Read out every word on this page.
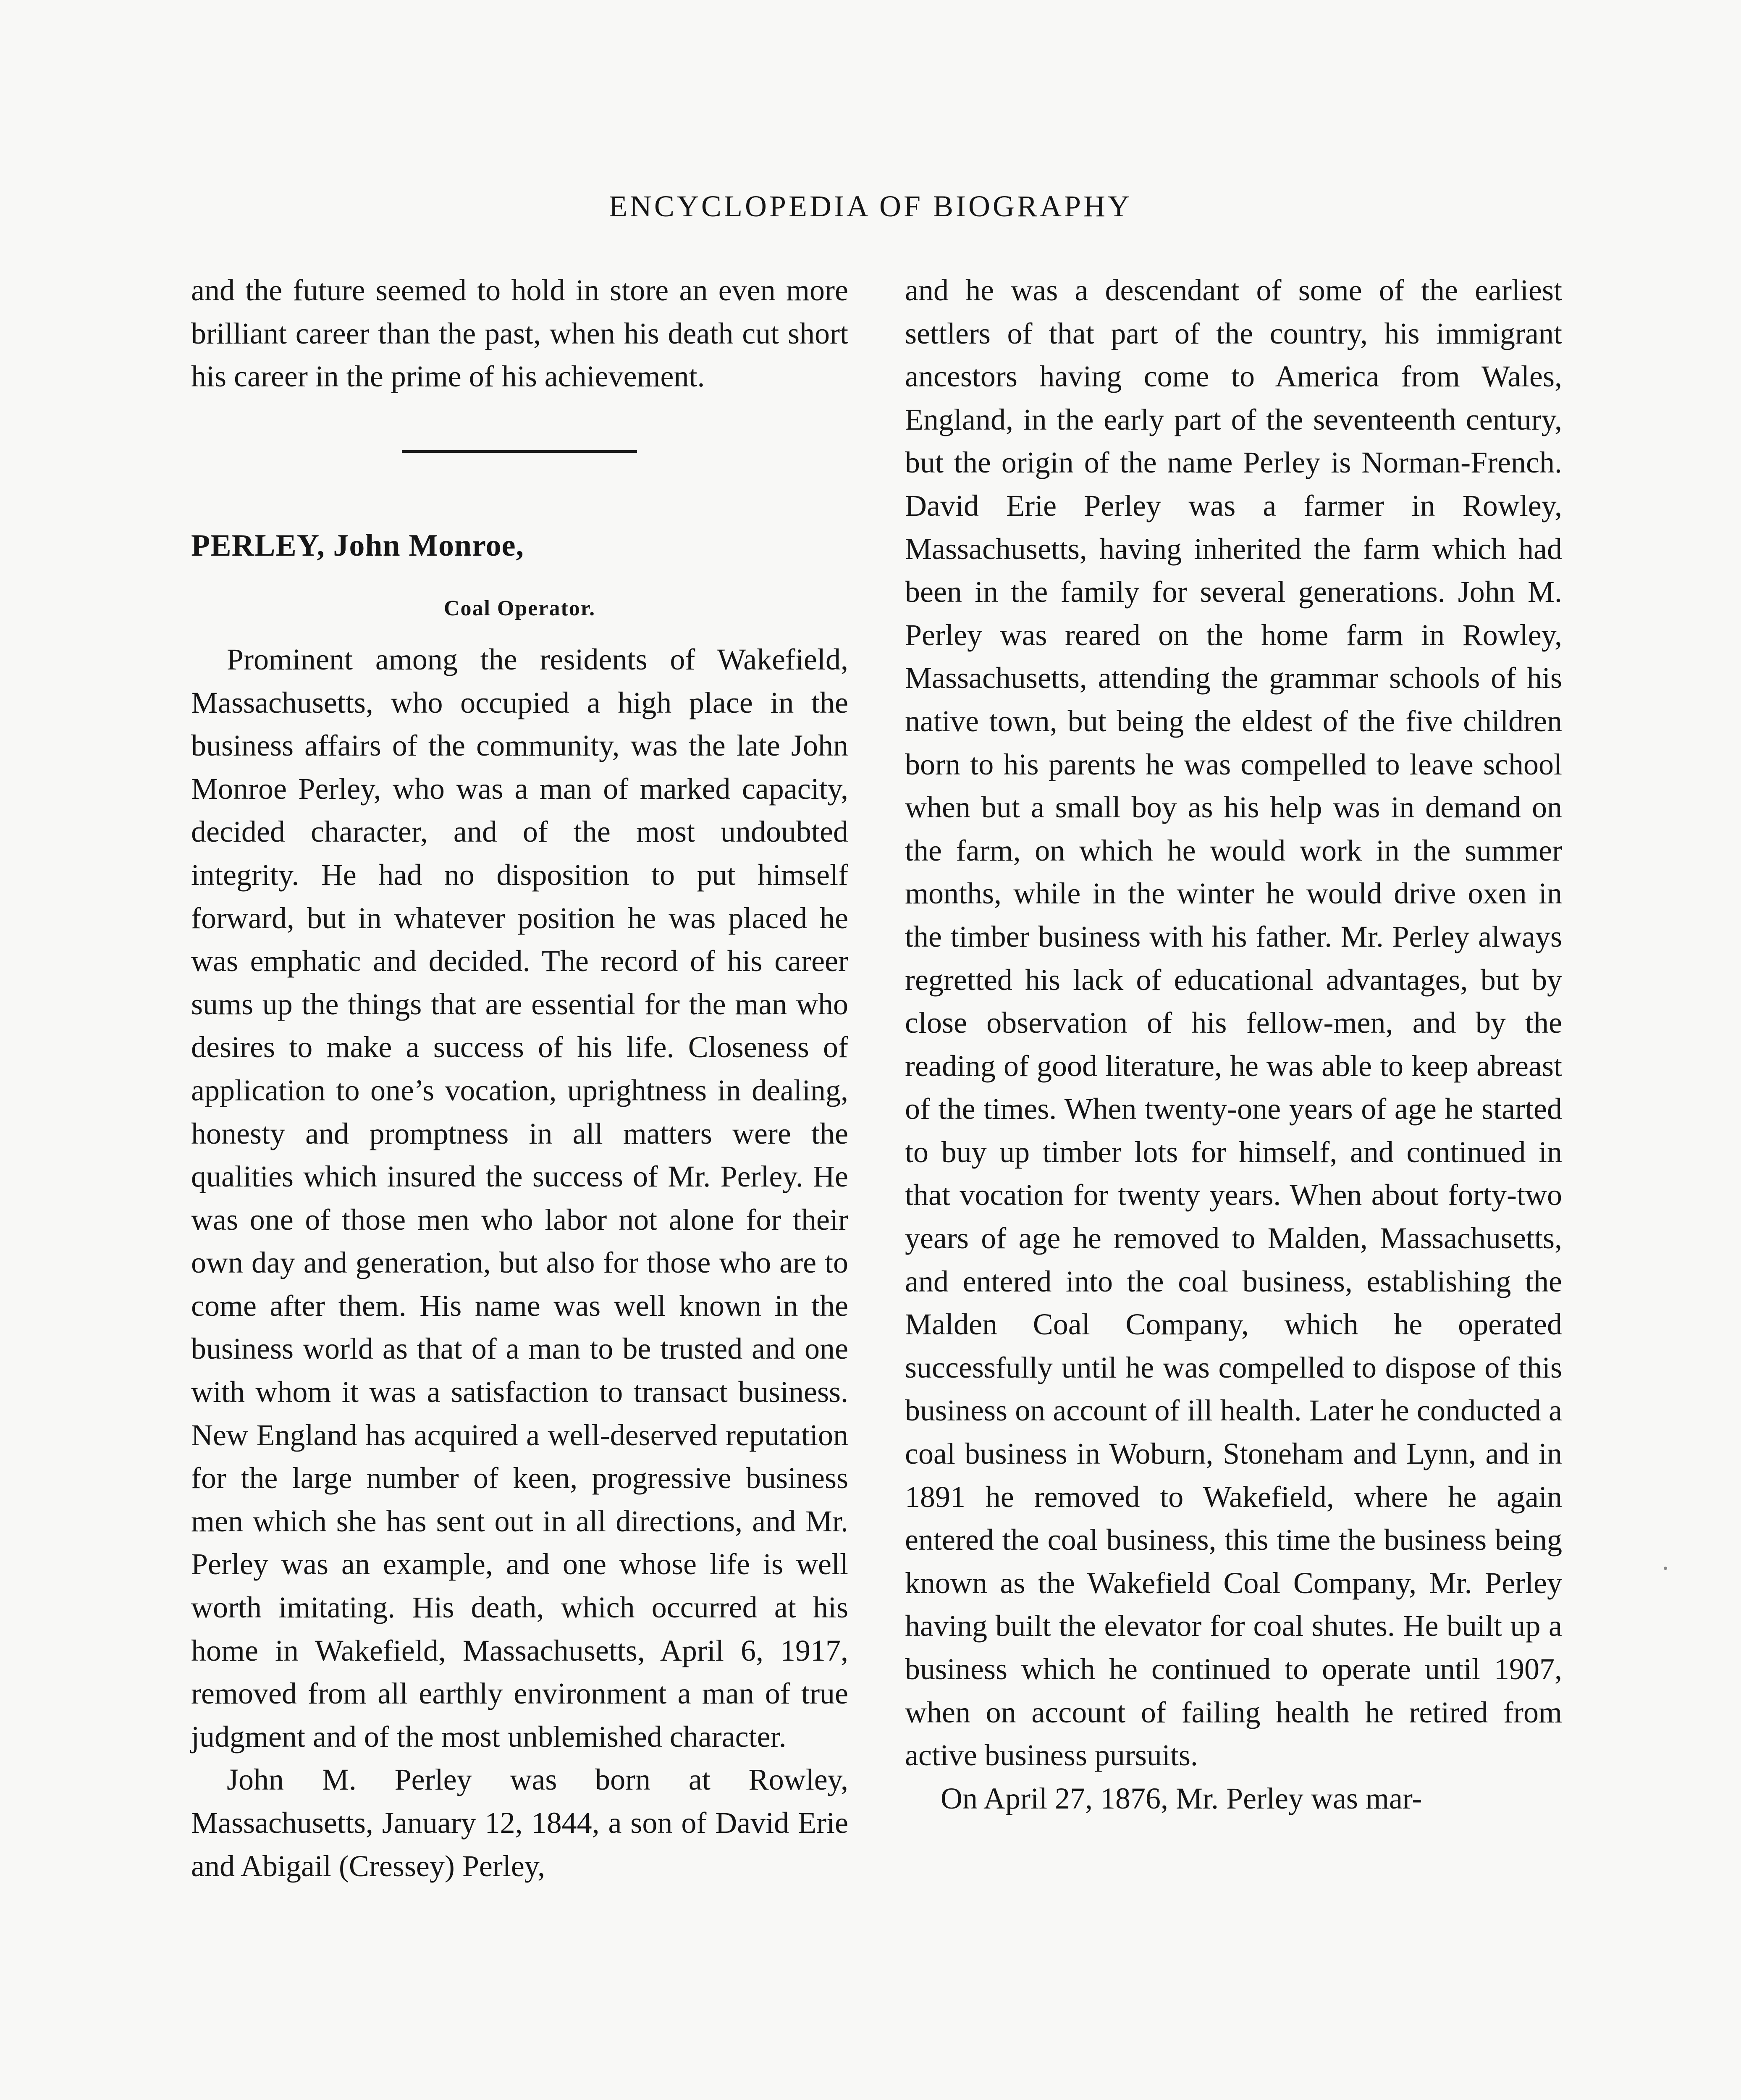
ENCYCLOPEDIA OF BIOGRAPHY

and the future seemed to hold in store an even more brilliant career than the past, when his death cut short his career in the prime of his achievement.

PERLEY, John Monroe,
Coal Operator.

Prominent among the residents of Wakefield, Massachusetts, who occupied a high place in the business affairs of the community, was the late John Monroe Perley, who was a man of marked capacity, decided character, and of the most undoubted integrity. He had no disposition to put himself forward, but in whatever position he was placed he was emphatic and decided. The record of his career sums up the things that are essential for the man who desires to make a success of his life. Closeness of application to one’s vocation, uprightness in dealing, honesty and promptness in all matters were the qualities which insured the success of Mr. Perley. He was one of those men who labor not alone for their own day and generation, but also for those who are to come after them. His name was well known in the business world as that of a man to be trusted and one with whom it was a satisfaction to transact business. New England has acquired a well-deserved reputation for the large number of keen, progressive business men which she has sent out in all directions, and Mr. Perley was an example, and one whose life is well worth imitating. His death, which occurred at his home in Wakefield, Massachusetts, April 6, 1917, removed from all earthly environment a man of true judgment and of the most unblemished character.

John M. Perley was born at Rowley, Massachusetts, January 12, 1844, a son of David Erie and Abigail (Cressey) Perley,

and he was a descendant of some of the earliest settlers of that part of the country, his immigrant ancestors having come to America from Wales, England, in the early part of the seventeenth century, but the origin of the name Perley is Norman-French. David Erie Perley was a farmer in Rowley, Massachusetts, having inherited the farm which had been in the family for several generations. John M. Perley was reared on the home farm in Rowley, Massachusetts, attending the grammar schools of his native town, but being the eldest of the five children born to his parents he was compelled to leave school when but a small boy as his help was in demand on the farm, on which he would work in the summer months, while in the winter he would drive oxen in the timber business with his father. Mr. Perley always regretted his lack of educational advantages, but by close observation of his fellow-men, and by the reading of good literature, he was able to keep abreast of the times. When twenty-one years of age he started to buy up timber lots for himself, and continued in that vocation for twenty years. When about forty-two years of age he removed to Malden, Massachusetts, and entered into the coal business, establishing the Malden Coal Company, which he operated successfully until he was compelled to dispose of this business on account of ill health. Later he conducted a coal business in Woburn, Stoneham and Lynn, and in 1891 he removed to Wakefield, where he again entered the coal business, this time the business being known as the Wakefield Coal Company, Mr. Perley having built the elevator for coal shutes. He built up a business which he continued to operate until 1907, when on account of failing health he retired from active business pursuits.

On April 27, 1876, Mr. Perley was mar-
